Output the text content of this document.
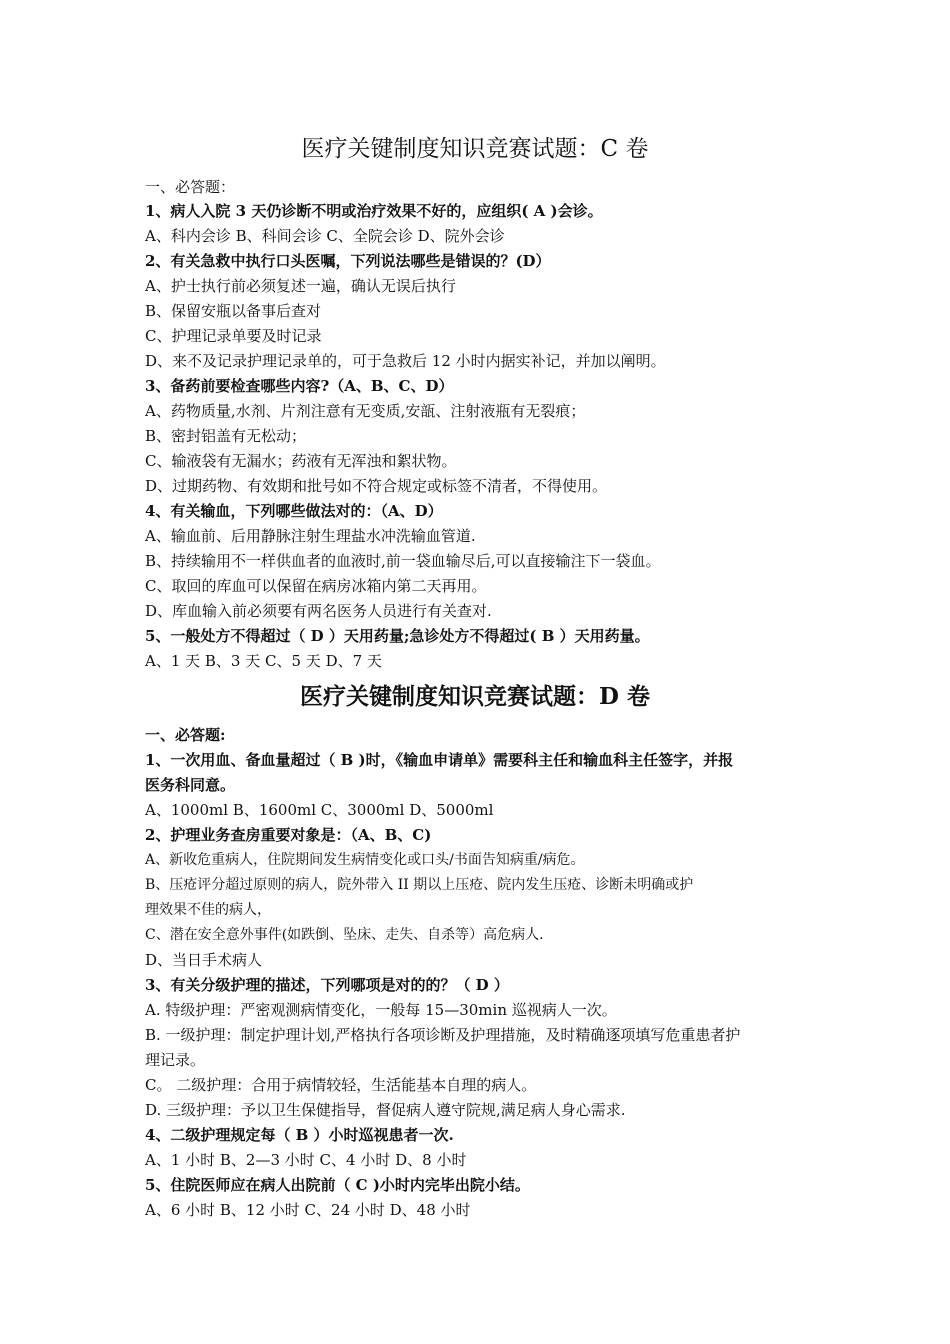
医疗关键制度知识竞赛试题：C 卷
一、必答题：
1、病人入院 3 天仍诊断不明或治疗效果不好的，应组织( A )会诊。
A、科内会诊 B、科间会诊 C、全院会诊 D、院外会诊
2、有关急救中执行口头医嘱，下列说法哪些是错误的？(D）
A、护士执行前必须复述一遍，确认无误后执行
B、保留安瓶以备事后查对
C、护理记录单要及时记录
D、来不及记录护理记录单的，可于急救后 12 小时内据实补记，并加以阐明。
3、备药前要检查哪些内容?（A、B、C、D）
A、药物质量,水剂、片剂注意有无变质,安瓿、注射液瓶有无裂痕；
B、密封铝盖有无松动；
C、输液袋有无漏水；药液有无浑浊和絮状物。
D、过期药物、有效期和批号如不符合规定或标签不清者，不得使用。
4、有关输血，下列哪些做法对的：（A、D）
A、输血前、后用静脉注射生理盐水冲洗输血管道.
B、持续输用不一样供血者的血液时,前一袋血输尽后,可以直接输注下一袋血。
C、取回的库血可以保留在病房冰箱内第二天再用。
D、库血输入前必须要有两名医务人员进行有关查对.
5、一般处方不得超过（ D ）天用药量;急诊处方不得超过( B ）天用药量。
A、1 天 B、3 天 C、5 天 D、7 天
医疗关键制度知识竞赛试题：D 卷
一、必答题:
1、一次用血、备血量超过（ B )时，《输血申请单》需要科主任和输血科主任签字，并报
医务科同意。
A、1000ml B、1600ml C、3000ml D、5000ml
2、护理业务查房重要对象是：（A、B、C)
A、新收危重病人，住院期间发生病情变化或口头/书面告知病重/病危。
B、压疮评分超过原则的病人，院外带入 II 期以上压疮、院内发生压疮、诊断未明确或护
理效果不佳的病人，
C、潜在安全意外事件(如跌倒、坠床、走失、自杀等）高危病人.
D、当日手术病人
3、有关分级护理的描述，下列哪项是对的的？（ D ）
A. 特级护理：严密观测病情变化，一般每 15—30min 巡视病人一次。
B. 一级护理：制定护理计划,严格执行各项诊断及护理措施，及时精确逐项填写危重患者护
理记录。
C。 二级护理：合用于病情较轻，生活能基本自理的病人。
D. 三级护理：予以卫生保健指导，督促病人遵守院规,满足病人身心需求.
4、二级护理规定每（ B ）小时巡视患者一次.
A、1 小时 B、2—3 小时 C、4 小时 D、8 小时
5、住院医师应在病人出院前（ C )小时内完毕出院小结。
A、6 小时 B、12 小时 C、24 小时 D、48 小时
